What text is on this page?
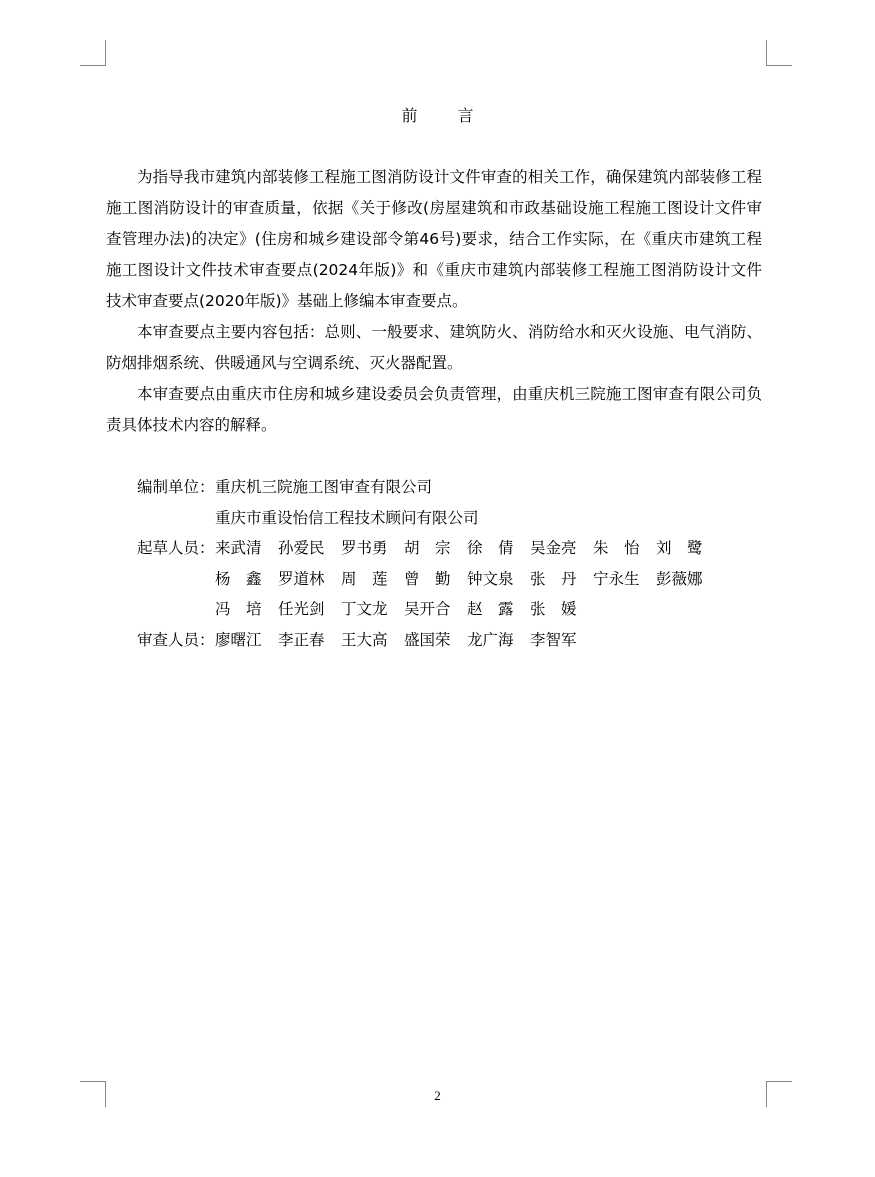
前言

为指导我市建筑内部装修工程施工图消防设计文件审查的相关工作，确保建筑内部装修工程施工图消防设计的审查质量，依据《关于修改(房屋建筑和市政基础设施工程施工图设计文件审查管理办法)的决定》(住房和城乡建设部令第46号)要求，结合工作实际，在《重庆市建筑工程施工图设计文件技术审查要点(2024年版)》和《重庆市建筑内部装修工程施工图消防设计文件技术审查要点(2020年版)》基础上修编本审查要点。

本审查要点主要内容包括：总则、一般要求、建筑防火、消防给水和灭火设施、电气消防、防烟排烟系统、供暖通风与空调系统、灭火器配置。

本审查要点由重庆市住房和城乡建设委员会负责管理，由重庆机三院施工图审查有限公司负责具体技术内容的解释。

编制单位： 重庆机三院施工图审查有限公司
重庆市重设怡信工程技术顾问有限公司
起草人员： 来武清 孙爱民 罗书勇 胡　宗 徐　倩 吴金亮 朱　怡 刘　鹭
杨　鑫 罗道林 周　莲 曾　勤 钟文泉 张　丹 宁永生 彭薇娜
冯　培 任光剑 丁文龙 吴开合 赵　露 张　媛
审查人员： 廖曙江 李正春 王大高 盛国荣 龙广海 李智军
2
